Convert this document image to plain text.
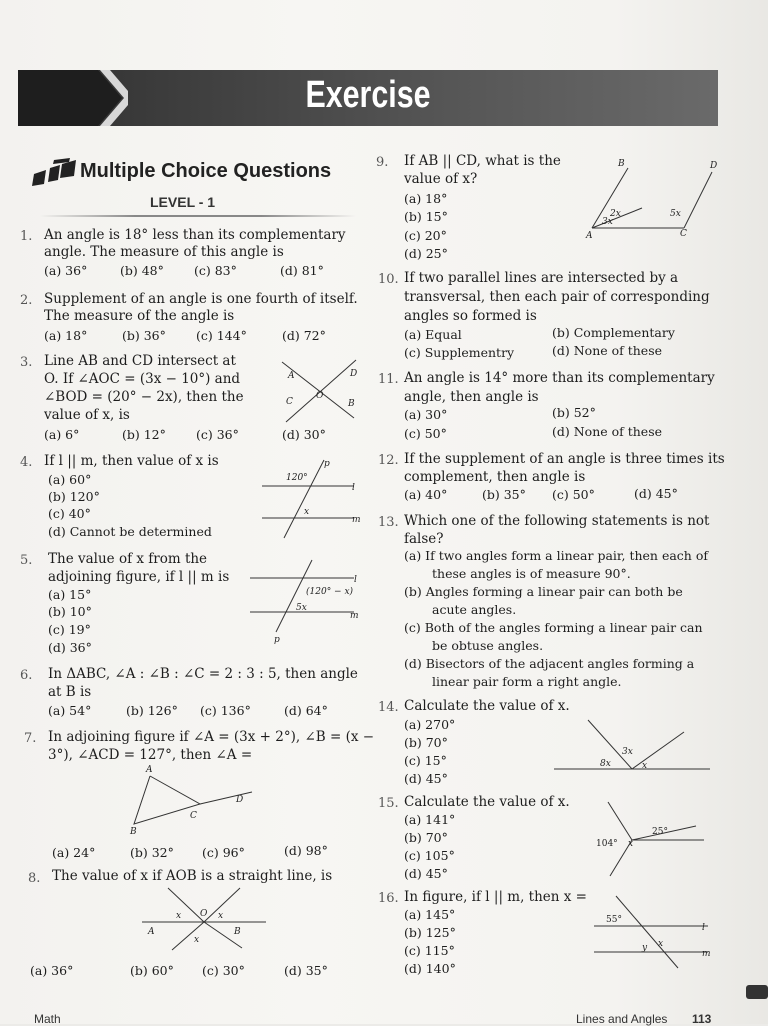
Exercise
Multiple Choice Questions
LEVEL - 1
1. An angle is 18° less than its complementary
angle. The measure of this angle is
(a) 36°	(b) 48° (c) 83°	(d) 81°
2. Supplement of an angle is one fourth of itself.
The measure of the angle is
(a) 18°	(b) 36° (c) 144°	(d) 72°
3. Line AB and CD intersect at
O. If ∠AOC = (3x − 10°) and
∠BOD = (20° − 2x), then the
value of x, is
(a) 6°	(b) 12° (c) 36°	(d) 30°
A	D
C
O
B
4. If l || m, then value of x is
(a) 60°
(b) 120°
(c) 40°
(d) Cannot be determined
p
120°
l
x
m
5. The value of x from the
adjoining figure, if l || m is
(a) 15°
(b) 10°
(c) 19°
(d) 36°
l
(120° − x)
5x
m
p
6. In ΔABC, ∠A : ∠B : ∠C = 2 : 3 : 5, then angle
at B is
(a) 54°	(b) 126° (c) 136°	(d) 64°
7. In adjoining figure if ∠A = (3x + 2°), ∠B = (x −
3°), ∠ACD = 127°, then ∠A =
A
C
D
B
(a) 24°	(b) 32° (c) 96°	(d) 98°
8. The value of x if AOB is a straight line, is
x O x
A	B
x
(a) 36°	(b) 60° (c) 30°	(d) 35°
9. If AB || CD, what is the
value of x?
(a) 18°
(b) 15°
(c) 20°
(d) 25°
B	D
2x
3x
5x
A	C
10. If two parallel lines are intersected by a
transversal, then each pair of corresponding
angles so formed is
(a) Equal	(b) Complementary
(c) Supplementry	(d) None of these
11. An angle is 14° more than its complementary
angle, then angle is
(a) 30°	(b) 52°
(c) 50°	(d) None of these
12. If the supplement of an angle is three times its
complement, then angle is
(a) 40°	(b) 35° (c) 50°	(d) 45°
13. Which one of the following statements is not
false?
(a) If two angles form a linear pair, then each of
these angles is of measure 90°.
(b) Angles forming a linear pair can both be
acute angles.
(c) Both of the angles forming a linear pair can
be obtuse angles.
(d) Bisectors of the adjacent angles forming a
linear pair form a right angle.
14. Calculate the value of x.
(a) 270°
(b) 70°
(c) 15°
(d) 45°
3x
8x	x
15. Calculate the value of x.
(a) 141°
(b) 70°
(c) 105°
(d) 45°
104° x
25°
16. In figure, if l || m, then x =
(a) 145°
(b) 125°
(c) 115°
(d) 140°
55°
l
y x
m
Math	Lines and Angles 113
